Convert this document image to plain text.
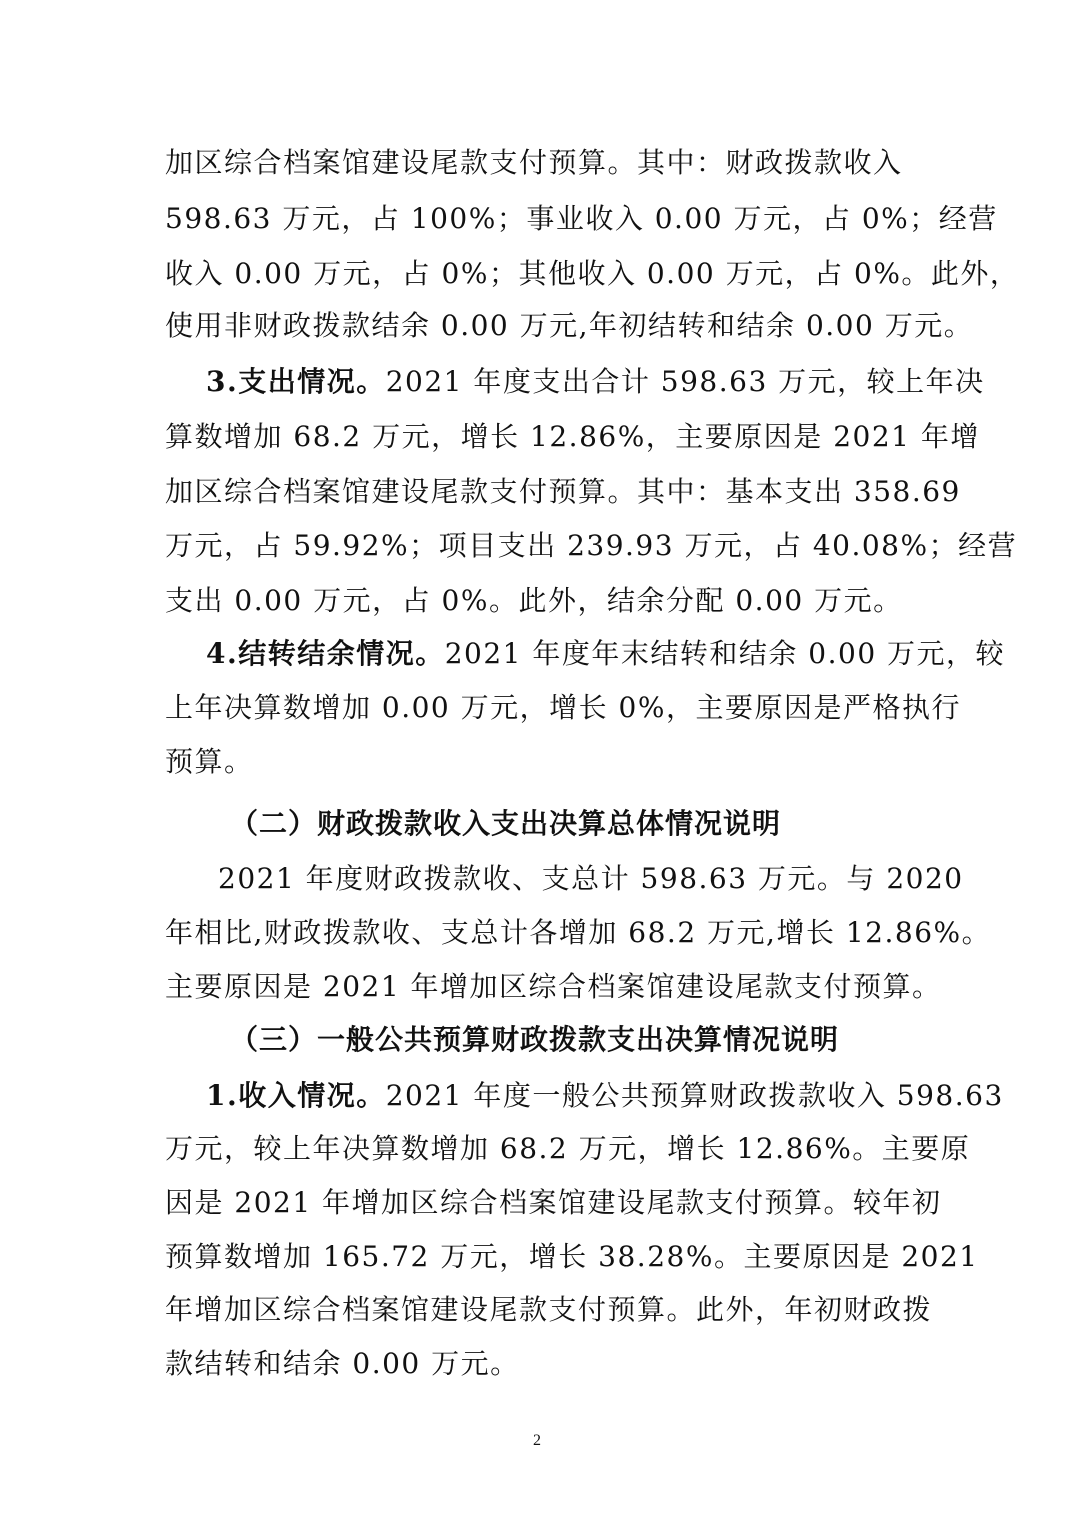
加区综合档案馆建设尾款支付预算。其中：财政拨款收入
598.63 万元，占 100%；事业收入 0.00 万元，占 0%；经营
收入 0.00 万元，占 0%；其他收入 0.00 万元，占 0%。此外，
使用非财政拨款结余 0.00 万元,年初结转和结余 0.00 万元。
3.支出情况。2021 年度支出合计 598.63 万元，较上年决
算数增加 68.2 万元，增长 12.86%，主要原因是 2021 年增
加区综合档案馆建设尾款支付预算。其中：基本支出 358.69
万元，占 59.92%；项目支出 239.93 万元，占 40.08%；经营
支出 0.00 万元，占 0%。此外，结余分配 0.00 万元。
4.结转结余情况。2021 年度年末结转和结余 0.00 万元，较
上年决算数增加 0.00 万元，增长 0%，主要原因是严格执行
预算。
（二）财政拨款收入支出决算总体情况说明
2021 年度财政拨款收、支总计 598.63 万元。与 2020
年相比,财政拨款收、支总计各增加 68.2 万元,增长 12.86%。
主要原因是 2021 年增加区综合档案馆建设尾款支付预算。
（三）一般公共预算财政拨款支出决算情况说明
1.收入情况。2021 年度一般公共预算财政拨款收入 598.63
万元，较上年决算数增加 68.2 万元，增长 12.86%。主要原
因是 2021 年增加区综合档案馆建设尾款支付预算。较年初
预算数增加 165.72 万元，增长 38.28%。主要原因是 2021
年增加区综合档案馆建设尾款支付预算。此外，年初财政拨
款结转和结余 0.00 万元。
2
